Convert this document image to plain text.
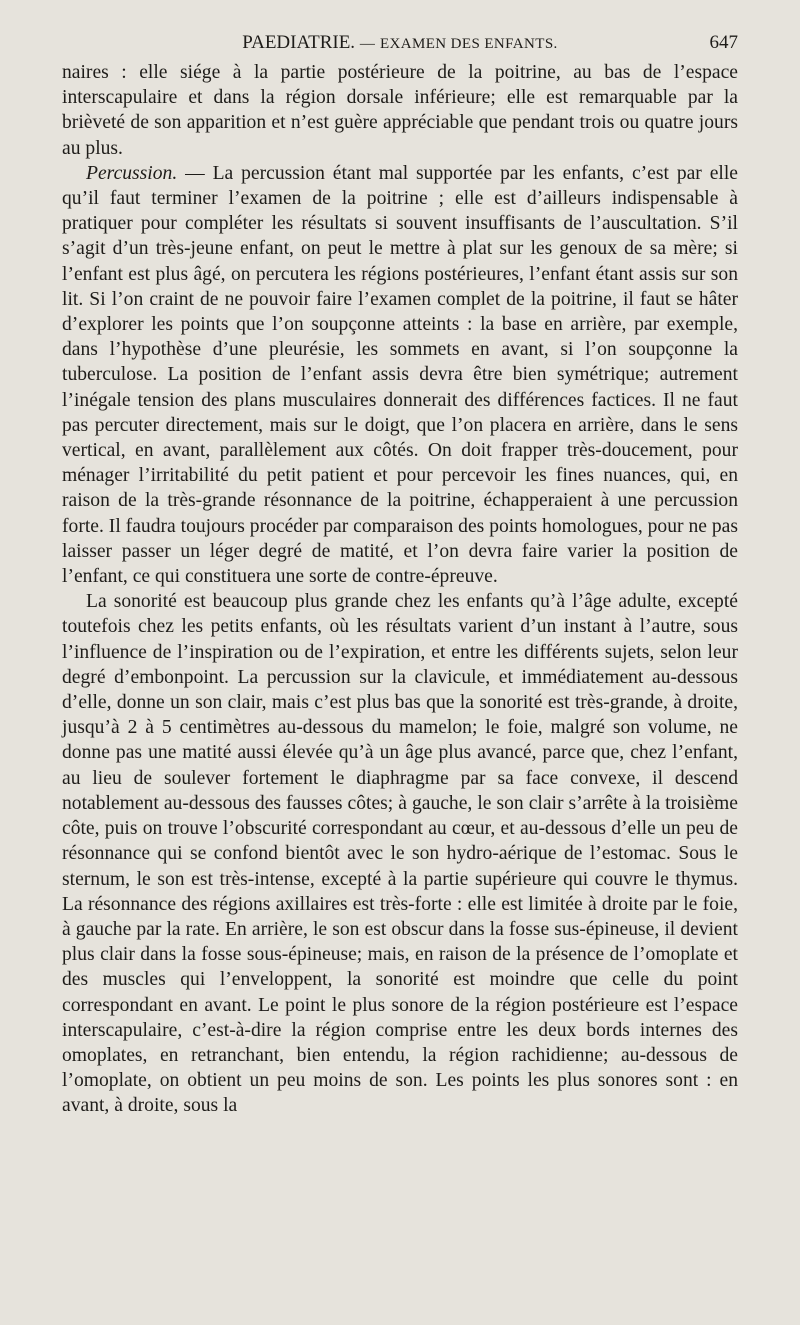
PAEDIATRIE. — EXAMEN DES ENFANTS.	647

naires : elle siége à la partie postérieure de la poitrine, au bas de l’espace interscapulaire et dans la région dorsale inférieure; elle est remarquable par la brièveté de son apparition et n’est guère appréciable que pendant trois ou quatre jours au plus.

Percussion. — La percussion étant mal supportée par les enfants, c’est par elle qu’il faut terminer l’examen de la poitrine ; elle est d’ailleurs indispensable à pratiquer pour compléter les résultats si souvent insuffisants de l’auscultation. S’il s’agit d’un très-jeune enfant, on peut le mettre à plat sur les genoux de sa mère; si l’enfant est plus âgé, on percutera les régions postérieures, l’enfant étant assis sur son lit. Si l’on craint de ne pouvoir faire l’examen complet de la poitrine, il faut se hâter d’explorer les points que l’on soupçonne atteints : la base en arrière, par exemple, dans l’hypothèse d’une pleurésie, les sommets en avant, si l’on soupçonne la tuberculose. La position de l’enfant assis devra être bien symétrique; autrement l’inégale tension des plans musculaires donnerait des différences factices. Il ne faut pas percuter directement, mais sur le doigt, que l’on placera en arrière, dans le sens vertical, en avant, parallèlement aux côtés. On doit frapper très-doucement, pour ménager l’irritabilité du petit patient et pour percevoir les fines nuances, qui, en raison de la très-grande résonnance de la poitrine, échapperaient à une percussion forte. Il faudra toujours procéder par comparaison des points homologues, pour ne pas laisser passer un léger degré de matité, et l’on devra faire varier la position de l’enfant, ce qui constituera une sorte de contre-épreuve.

La sonorité est beaucoup plus grande chez les enfants qu’à l’âge adulte, excepté toutefois chez les petits enfants, où les résultats varient d’un instant à l’autre, sous l’influence de l’inspiration ou de l’expiration, et entre les différents sujets, selon leur degré d’embonpoint. La percussion sur la clavicule, et immédiatement au-dessous d’elle, donne un son clair, mais c’est plus bas que la sonorité est très-grande, à droite, jusqu’à 2 à 5 centimètres au-dessous du mamelon; le foie, malgré son volume, ne donne pas une matité aussi élevée qu’à un âge plus avancé, parce que, chez l’enfant, au lieu de soulever fortement le diaphragme par sa face convexe, il descend notablement au-dessous des fausses côtes; à gauche, le son clair s’arrête à la troisième côte, puis on trouve l’obscurité correspondant au cœur, et au-dessous d’elle un peu de résonnance qui se confond bientôt avec le son hydro-aérique de l’estomac. Sous le sternum, le son est très-intense, excepté à la partie supérieure qui couvre le thymus. La résonnance des régions axillaires est très-forte : elle est limitée à droite par le foie, à gauche par la rate. En arrière, le son est obscur dans la fosse sus-épineuse, il devient plus clair dans la fosse sous-épineuse; mais, en raison de la présence de l’omoplate et des muscles qui l’enveloppent, la sonorité est moindre que celle du point correspondant en avant. Le point le plus sonore de la région postérieure est l’espace interscapulaire, c’est-à-dire la région comprise entre les deux bords internes des omoplates, en retranchant, bien entendu, la région rachidienne; au-dessous de l’omoplate, on obtient un peu moins de son. Les points les plus sonores sont : en avant, à droite, sous la
